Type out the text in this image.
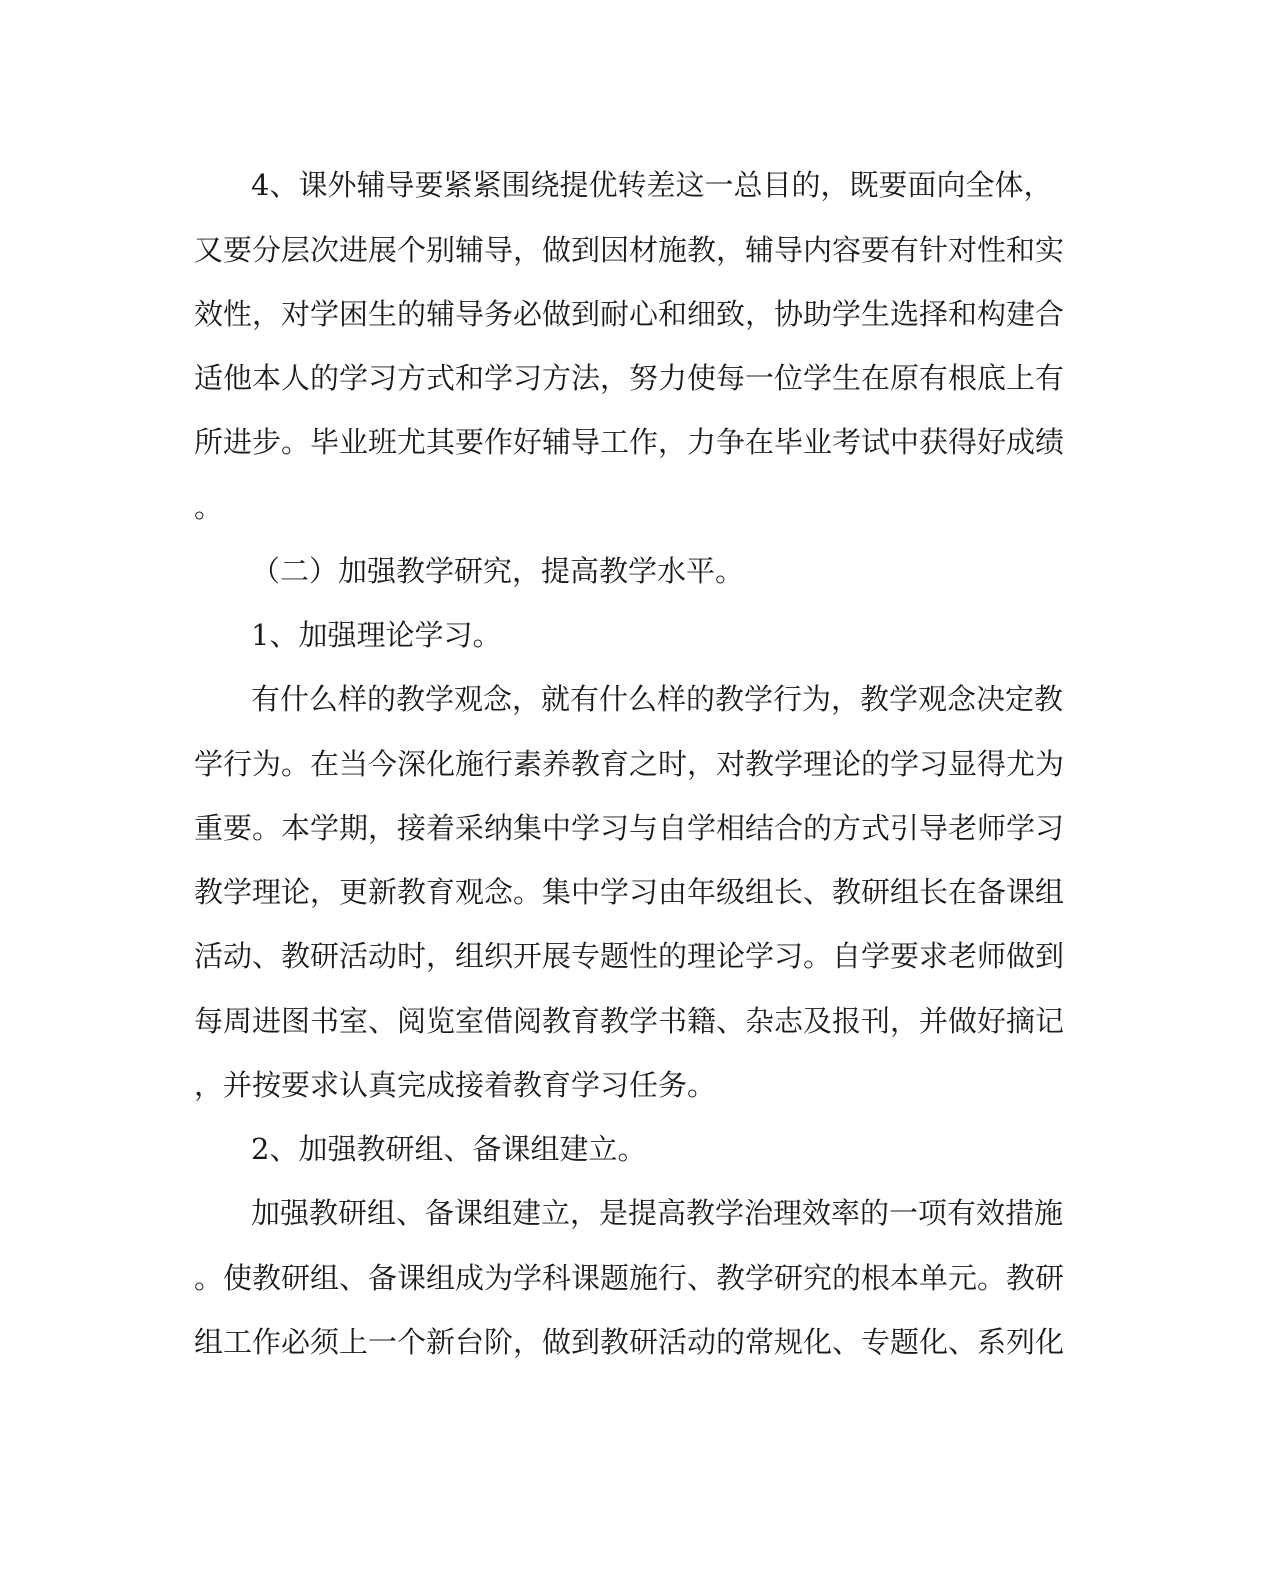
4、课外辅导要紧紧围绕提优转差这一总目的，既要面向全体，
又要分层次进展个别辅导，做到因材施教，辅导内容要有针对性和实
效性，对学困生的辅导务必做到耐心和细致，协助学生选择和构建合
适他本人的学习方式和学习方法，努力使每一位学生在原有根底上有
所进步。毕业班尤其要作好辅导工作，力争在毕业考试中获得好成绩
。
（二）加强教学研究，提高教学水平。
1、加强理论学习。
有什么样的教学观念，就有什么样的教学行为，教学观念决定教
学行为。在当今深化施行素养教育之时，对教学理论的学习显得尤为
重要。本学期，接着采纳集中学习与自学相结合的方式引导老师学习
教学理论，更新教育观念。集中学习由年级组长、教研组长在备课组
活动、教研活动时，组织开展专题性的理论学习。自学要求老师做到
每周进图书室、阅览室借阅教育教学书籍、杂志及报刊，并做好摘记
，并按要求认真完成接着教育学习任务。
2、加强教研组、备课组建立。
加强教研组、备课组建立，是提高教学治理效率的一项有效措施
。使教研组、备课组成为学科课题施行、教学研究的根本单元。教研
组工作必须上一个新台阶，做到教研活动的常规化、专题化、系列化
